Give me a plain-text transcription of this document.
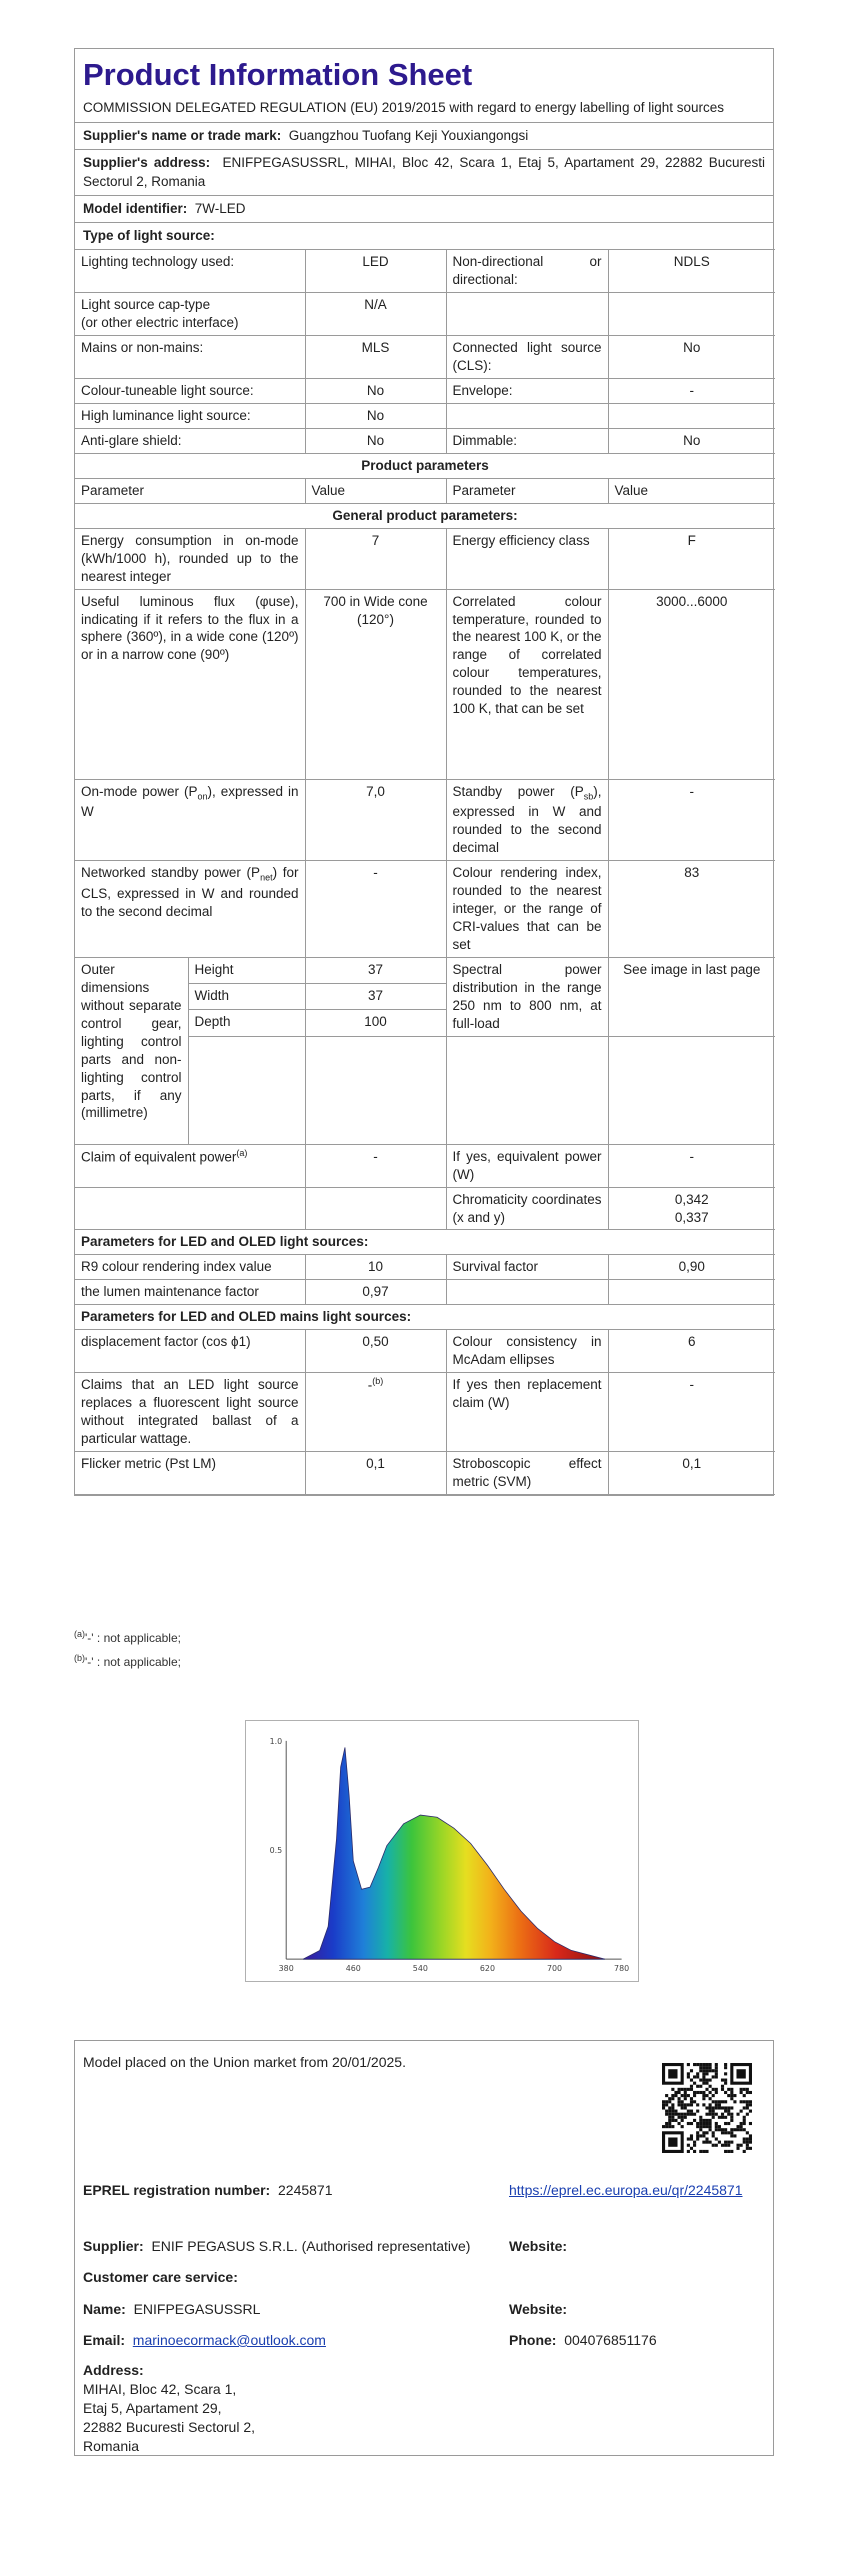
Product Information Sheet
COMMISSION DELEGATED REGULATION (EU) 2019/2015 with regard to energy labelling of light sources
Supplier's name or trade mark: Guangzhou Tuofang Keji Youxiangongsi
Supplier's address: ENIFPEGASUSSRL, MIHAI, Bloc 42, Scara 1, Etaj 5, Apartament 29, 22882 Bucuresti Sectorul 2, Romania
Model identifier: 7W-LED
Type of light source:
Lighting technology used:		LED	Non-directional or directional:	NDLS

Light source cap-type
(or other electric interface)		N/A		
Mains or non-mains:		MLS	Connected light source (CLS):	No
Colour-tuneable light source:		No	Envelope:	-
High luminance light source:		No		
Anti-glare shield:		No	Dimmable:	No
Product parameters				
Parameter		Value	Parameter	Value
General product parameters:				
Energy consumption in on-mode (kWh/1000 h), rounded up to the nearest integer		7	Energy efficiency class	F
Useful luminous flux (φuse), indicating if it refers to the flux in a sphere (360º), in a wide cone (120º) or in a narrow cone (90º)		700 in Wide cone (120°)	Correlated colour temperature, rounded to the nearest 100 K, or the range of correlated colour temperatures, rounded to the nearest 100 K, that can be set	3000...6000
On-mode power $(P_{on})$, expressed in W		7,0	Standby power $(P_{sb})$, expressed in W and rounded to the second decimal	-
Networked standby power $(P_{net})$ for CLS, expressed in W and rounded to the second decimal		-	Colour rendering index, rounded to the nearest integer, or the range of CRI-values that can be set	83
Outer dimensions without separate control gear, lighting control parts and non-lighting control parts, if any (millimetre)	Height	37	Spectral power distribution in the range 250 nm to 800 nm, at full-load	See image in last page
	Width	37		
	Depth	100		

Claim of equivalent power$^{(a)}$		-	If yes, equivalent power (W)	-
			Chromaticity coordinates (x and y)	0,342
0,337

Parameters for LED and OLED light sources:				
R9 colour rendering index value		10	Survival factor	0,90
the lumen maintenance factor		0,97		
Parameters for LED and OLED mains light sources:				
displacement factor (cos ϕ1)		0,50	Colour consistency in McAdam ellipses	6
Claims that an LED light source replaces a fluorescent light source without integrated ballast of a particular wattage.		-$^{(b)}$	If yes then replacement claim (W)	-
Flicker metric (Pst LM)		0,1	Stroboscopic effect metric (SVM)	0,1
$^{(a)}$'-' : not applicable;
$^{(b)}$'-' : not applicable;
1.0
0.5
380	460	540	620	700	780
Model placed on the Union market from 20/01/2025.
EPREL registration number: 2245871	https://eprel.ec.europa.eu/qr/2245871
Supplier: ENIF PEGASUS S.R.L. (Authorised representative)	Website:
Customer care service:
Name: ENIFPEGASUSSRL	Website:
Email: marinoecormack@outlook.com	Phone: 004076851176
Address:
MIHAI, Bloc 42, Scara 1,
Etaj 5, Apartament 29,
22882 Bucuresti Sectorul 2,
Romania
